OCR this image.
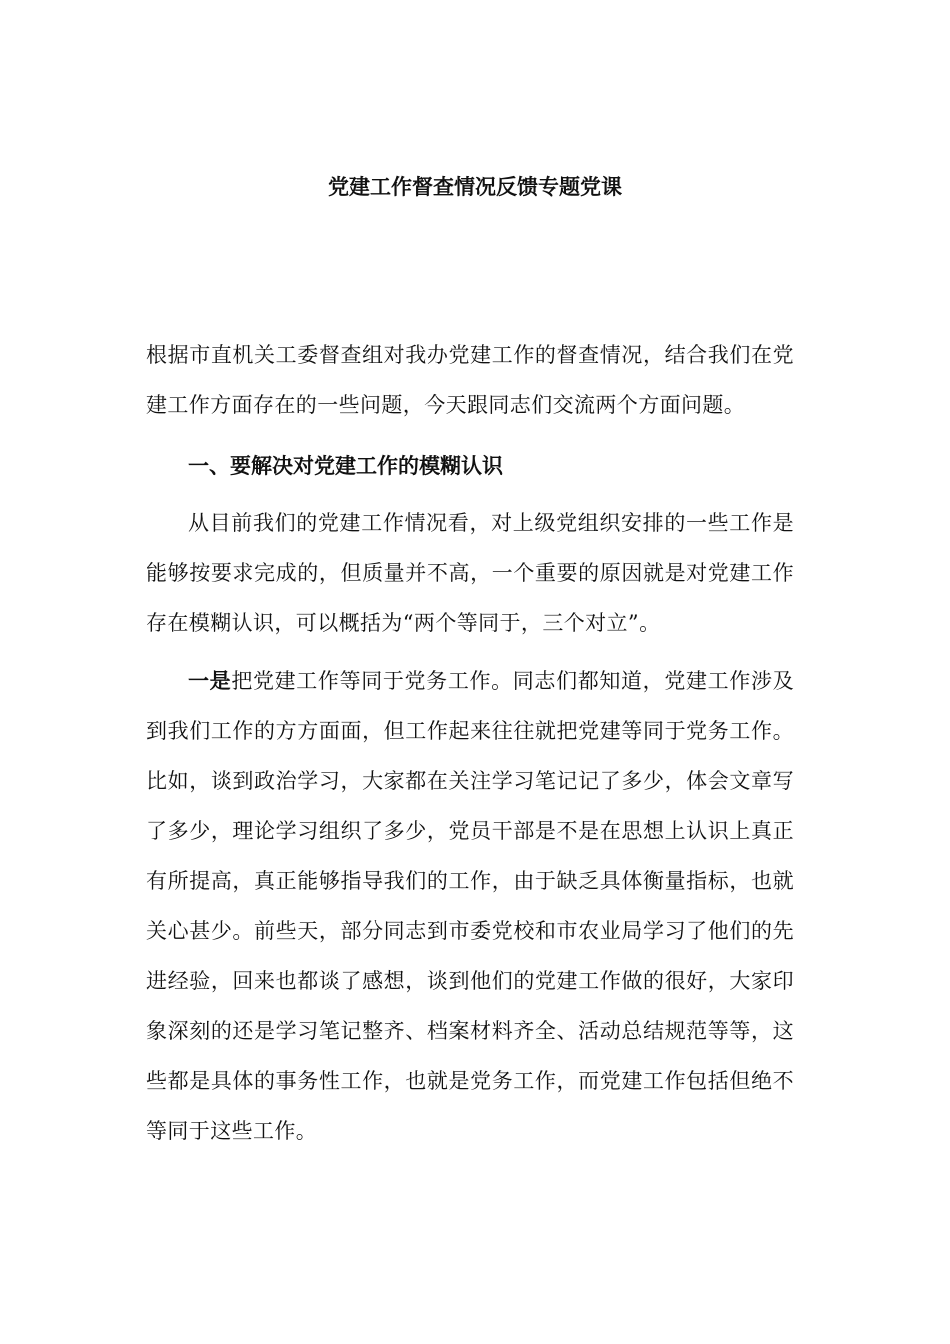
党建工作督查情况反馈专题党课

根据市直机关工委督查组对我办党建工作的督查情况，结合我们在党建工作方面存在的一些问题，今天跟同志们交流两个方面问题。

一、要解决对党建工作的模糊认识

从目前我们的党建工作情况看，对上级党组织安排的一些工作是能够按要求完成的，但质量并不高，一个重要的原因就是对党建工作存在模糊认识，可以概括为“两个等同于，三个对立”。

一是把党建工作等同于党务工作。同志们都知道，党建工作涉及到我们工作的方方面面，但工作起来往往就把党建等同于党务工作。比如，谈到政治学习，大家都在关注学习笔记记了多少，体会文章写了多少，理论学习组织了多少，党员干部是不是在思想上认识上真正有所提高，真正能够指导我们的工作，由于缺乏具体衡量指标，也就关心甚少。前些天，部分同志到市委党校和市农业局学习了他们的先进经验，回来也都谈了感想，谈到他们的党建工作做的很好，大家印象深刻的还是学习笔记整齐、档案材料齐全、活动总结规范等等，这些都是具体的事务性工作，也就是党务工作，而党建工作包括但绝不等同于这些工作。
